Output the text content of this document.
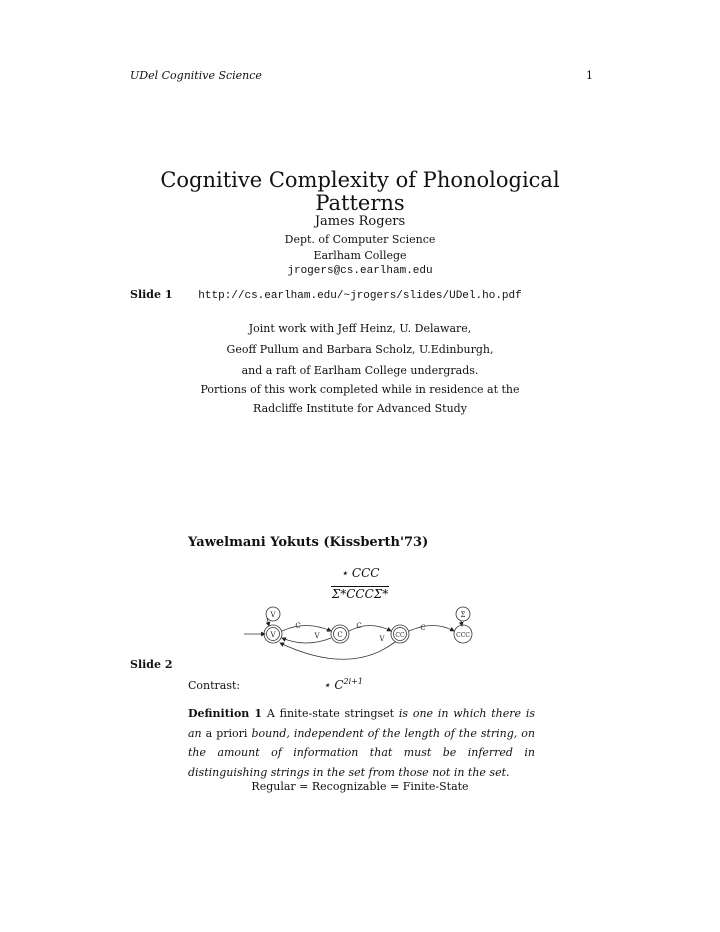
UDel Cognitive Science	1
Cognitive Complexity of Phonological Patterns
James Rogers
Dept. of Computer Science
Earlham College
jrogers@cs.earlham.edu
Slide 1	http://cs.earlham.edu/~jrogers/slides/UDel.ho.pdf
Joint work with Jeff Heinz, U. Delaware,
Geoff Pullum and Barbara Scholz, U.Edinburgh,
and a raft of Earlham College undergrads.
Portions of this work completed while in residence at the
Radcliffe Institute for Advanced Study
Yawelmani Yokuts (Kissberth'73)
⋆ CCC
Σ*CCCΣ*
V	Σ
V	C	CC	CCC
C
V
C	C
V
Slide 2
Contrast:	⋆ $C^{2i+1}$
Definition 1 A finite-state stringset is one in which there is an a priori bound, independent of the length of the string, on the amount of information that must be inferred in distinguishing strings in the set from those not in the set.
Regular = Recognizable = Finite-State
